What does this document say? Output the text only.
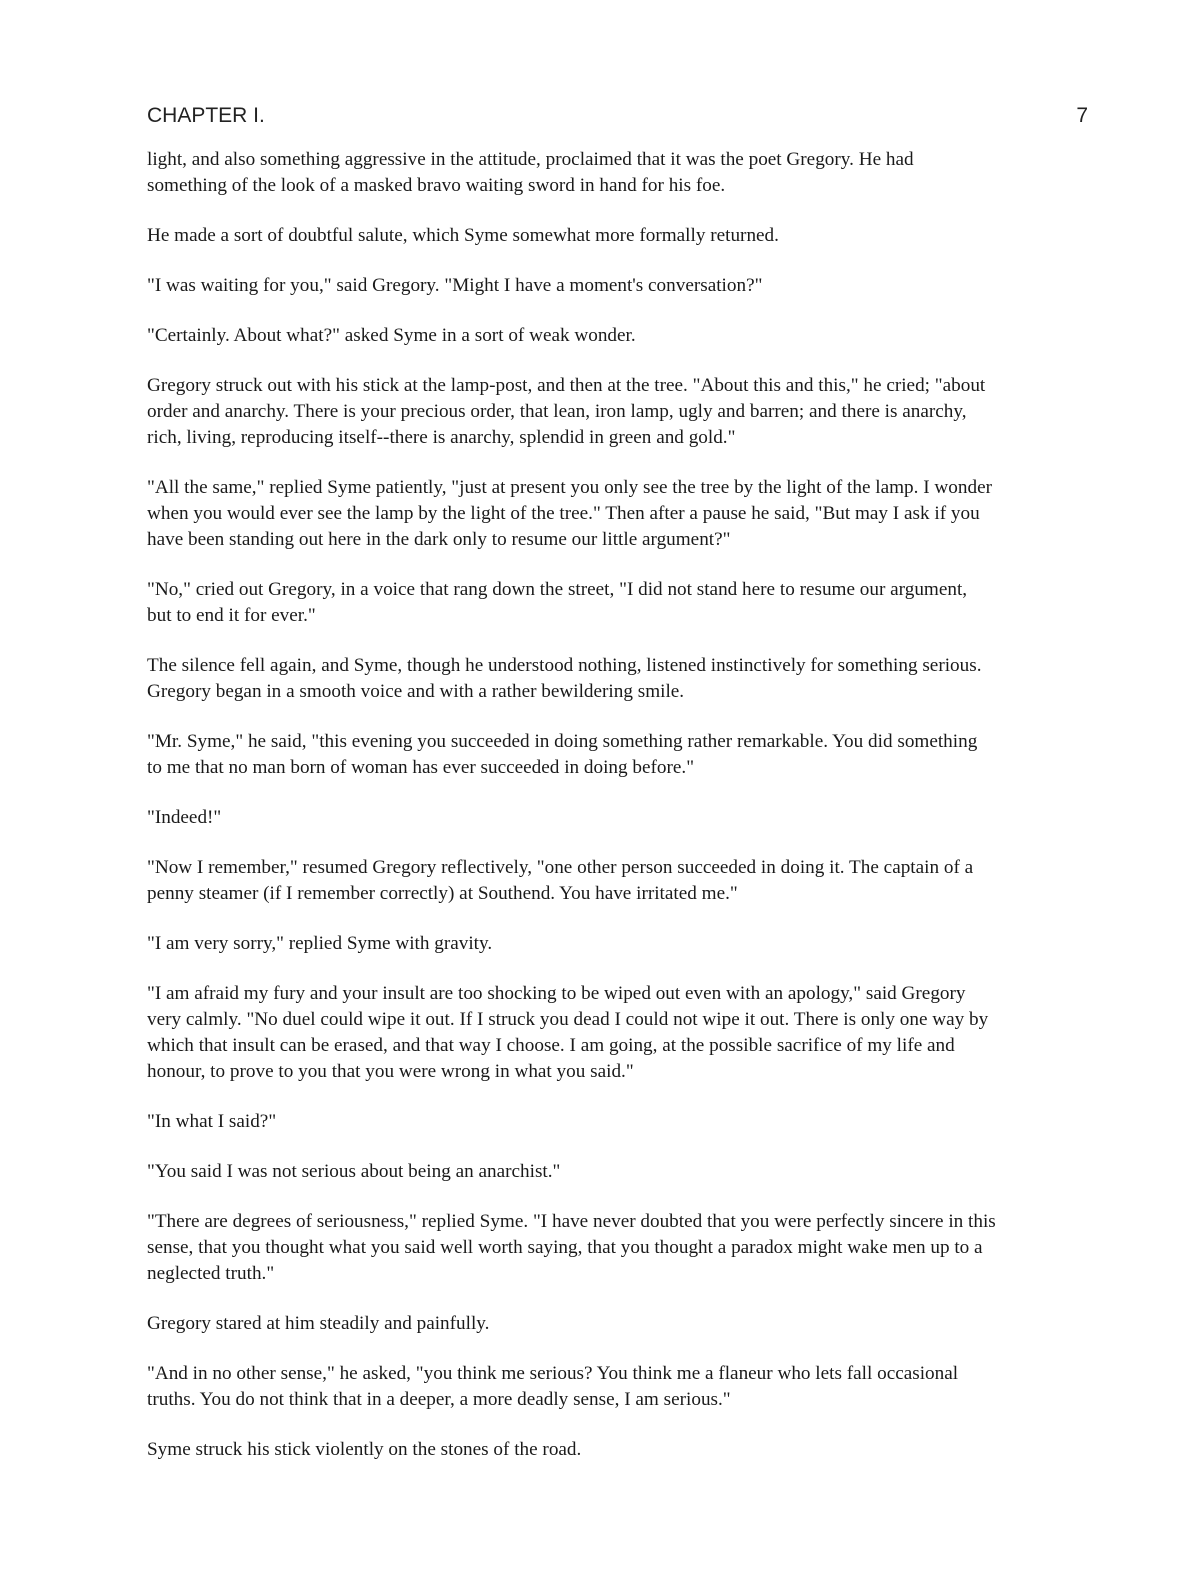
CHAPTER I.	7

light, and also something aggressive in the attitude, proclaimed that it was the poet Gregory. He had
something of the look of a masked bravo waiting sword in hand for his foe.

He made a sort of doubtful salute, which Syme somewhat more formally returned.

"I was waiting for you," said Gregory. "Might I have a moment's conversation?"

"Certainly. About what?" asked Syme in a sort of weak wonder.

Gregory struck out with his stick at the lamp-post, and then at the tree. "About this and this," he cried; "about
order and anarchy. There is your precious order, that lean, iron lamp, ugly and barren; and there is anarchy,
rich, living, reproducing itself--there is anarchy, splendid in green and gold."

"All the same," replied Syme patiently, "just at present you only see the tree by the light of the lamp. I wonder
when you would ever see the lamp by the light of the tree." Then after a pause he said, "But may I ask if you
have been standing out here in the dark only to resume our little argument?"

"No," cried out Gregory, in a voice that rang down the street, "I did not stand here to resume our argument,
but to end it for ever."

The silence fell again, and Syme, though he understood nothing, listened instinctively for something serious.
Gregory began in a smooth voice and with a rather bewildering smile.

"Mr. Syme," he said, "this evening you succeeded in doing something rather remarkable. You did something
to me that no man born of woman has ever succeeded in doing before."

"Indeed!"

"Now I remember," resumed Gregory reflectively, "one other person succeeded in doing it. The captain of a
penny steamer (if I remember correctly) at Southend. You have irritated me."

"I am very sorry," replied Syme with gravity.

"I am afraid my fury and your insult are too shocking to be wiped out even with an apology," said Gregory
very calmly. "No duel could wipe it out. If I struck you dead I could not wipe it out. There is only one way by
which that insult can be erased, and that way I choose. I am going, at the possible sacrifice of my life and
honour, to prove to you that you were wrong in what you said."

"In what I said?"

"You said I was not serious about being an anarchist."

"There are degrees of seriousness," replied Syme. "I have never doubted that you were perfectly sincere in this
sense, that you thought what you said well worth saying, that you thought a paradox might wake men up to a
neglected truth."

Gregory stared at him steadily and painfully.

"And in no other sense," he asked, "you think me serious? You think me a flaneur who lets fall occasional
truths. You do not think that in a deeper, a more deadly sense, I am serious."

Syme struck his stick violently on the stones of the road.
